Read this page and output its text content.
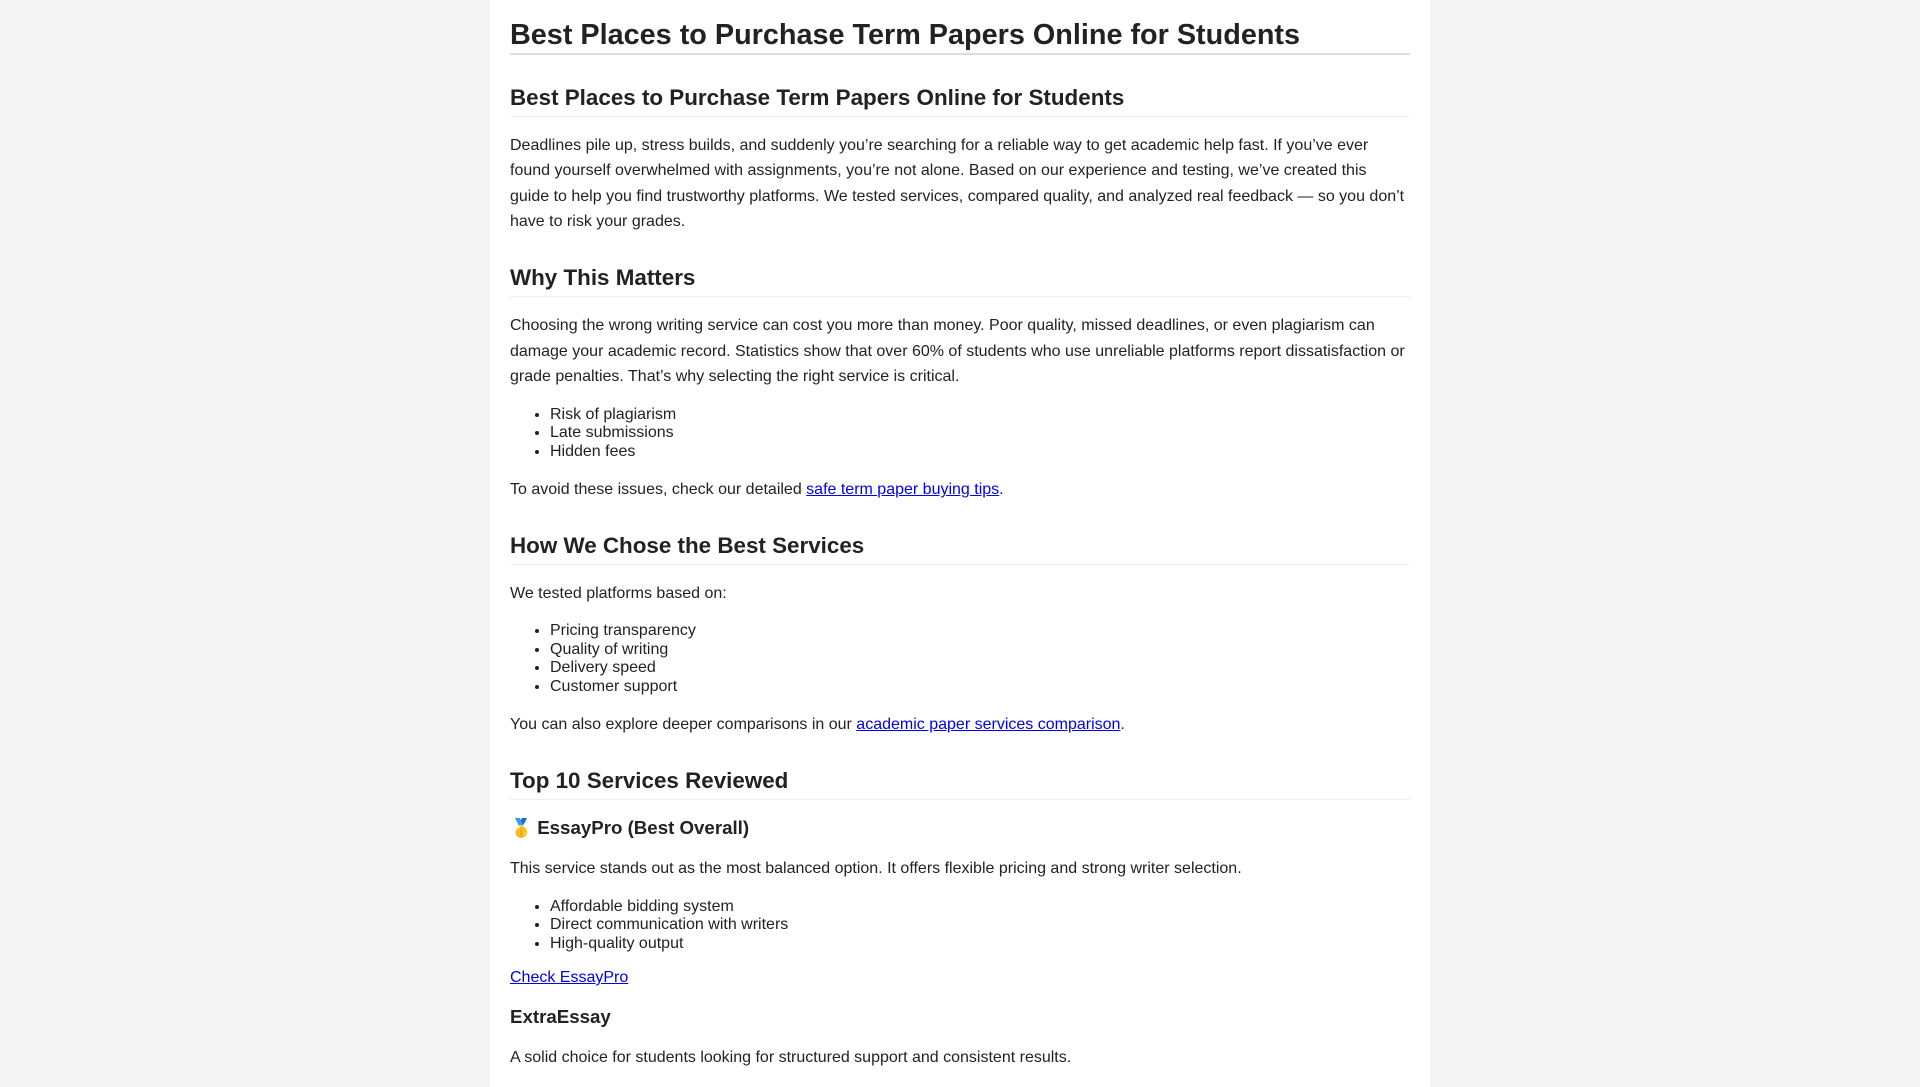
Best Places to Purchase Term Papers Online for Students
Best Places to Purchase Term Papers Online for Students

Deadlines pile up, stress builds, and suddenly you’re searching for a reliable way to get academic help fast. If you’ve ever found yourself overwhelmed with assignments, you’re not alone. Based on our experience and testing, we’ve created this guide to help you find trustworthy platforms. We tested services, compared quality, and analyzed real feedback — so you don’t have to risk your grades.

Why This Matters

Choosing the wrong writing service can cost you more than money. Poor quality, missed deadlines, or even plagiarism can damage your academic record. Statistics show that over 60% of students who use unreliable platforms report dissatisfaction or grade penalties. That’s why selecting the right service is critical.

• Risk of plagiarism
• Late submissions
• Hidden fees

To avoid these issues, check our detailed safe term paper buying tips.

How We Chose the Best Services

We tested platforms based on:

• Pricing transparency
• Quality of writing
• Delivery speed
• Customer support

You can also explore deeper comparisons in our academic paper services comparison.

Top 10 Services Reviewed
🥇 EssayPro (Best Overall)

This service stands out as the most balanced option. It offers flexible pricing and strong writer selection.

• Affordable bidding system
• Direct communication with writers
• High-quality output

Check EssayPro

ExtraEssay

A solid choice for students looking for structured support and consistent results.
